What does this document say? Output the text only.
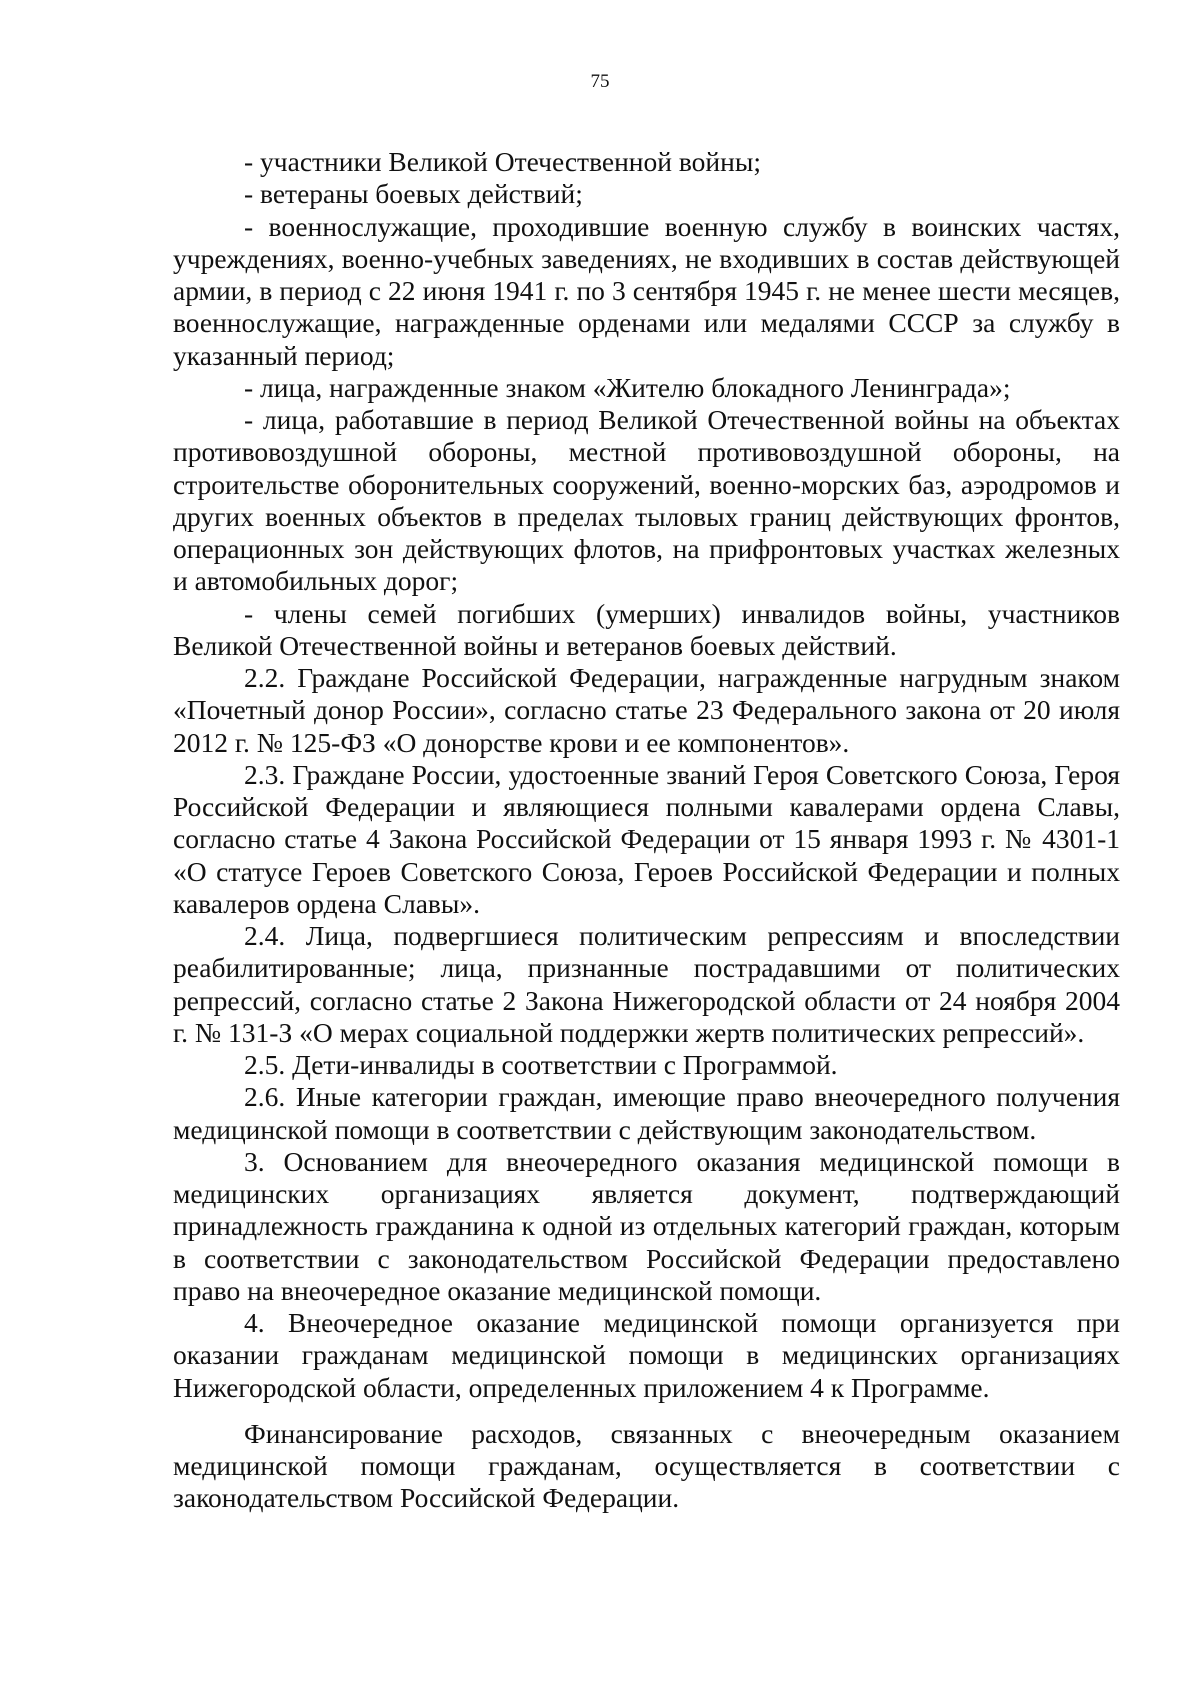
75

- участники Великой Отечественной войны;

- ветераны боевых действий;

- военнослужащие, проходившие военную службу в воинских частях, учреждениях, военно-учебных заведениях, не входивших в состав действующей армии, в период с 22 июня 1941 г. по 3 сентября 1945 г. не менее шести месяцев, военнослужащие, награжденные орденами или медалями СССР за службу в указанный период;

- лица, награжденные знаком «Жителю блокадного Ленинграда»;

- лица, работавшие в период Великой Отечественной войны на объектах противовоздушной обороны, местной противовоздушной обороны, на строительстве оборонительных сооружений, военно-морских баз, аэродромов и других военных объектов в пределах тыловых границ действующих фронтов, операционных зон действующих флотов, на прифронтовых участках железных и автомобильных дорог;

- члены семей погибших (умерших) инвалидов войны, участников Великой Отечественной войны и ветеранов боевых действий.

2.2. Граждане Российской Федерации, награжденные нагрудным знаком «Почетный донор России», согласно статье 23 Федерального закона от 20 июля 2012 г. № 125-ФЗ «О донорстве крови и ее компонентов».

2.3. Граждане России, удостоенные званий Героя Советского Союза, Героя Российской Федерации и являющиеся полными кавалерами ордена Славы, согласно статье 4 Закона Российской Федерации от 15 января 1993 г. № 4301-1 «О статусе Героев Советского Союза, Героев Российской Федерации и полных кавалеров ордена Славы».

2.4. Лица, подвергшиеся политическим репрессиям и впоследствии реабилитированные; лица, признанные пострадавшими от политических репрессий, согласно статье 2 Закона Нижегородской области от 24 ноября 2004 г. № 131-З «О мерах социальной поддержки жертв политических репрессий».

2.5. Дети-инвалиды в соответствии с Программой.

2.6. Иные категории граждан, имеющие право внеочередного получения медицинской помощи в соответствии с действующим законодательством.

3. Основанием для внеочередного оказания медицинской помощи в медицинских организациях является документ, подтверждающий принадлежность гражданина к одной из отдельных категорий граждан, которым в соответствии с законодательством Российской Федерации предоставлено право на внеочередное оказание медицинской помощи.

4. Внеочередное оказание медицинской помощи организуется при оказании гражданам медицинской помощи в медицинских организациях Нижегородской области, определенных приложением 4 к Программе.

Финансирование расходов, связанных с внеочередным оказанием медицинской помощи гражданам, осуществляется в соответствии с законодательством Российской Федерации.
